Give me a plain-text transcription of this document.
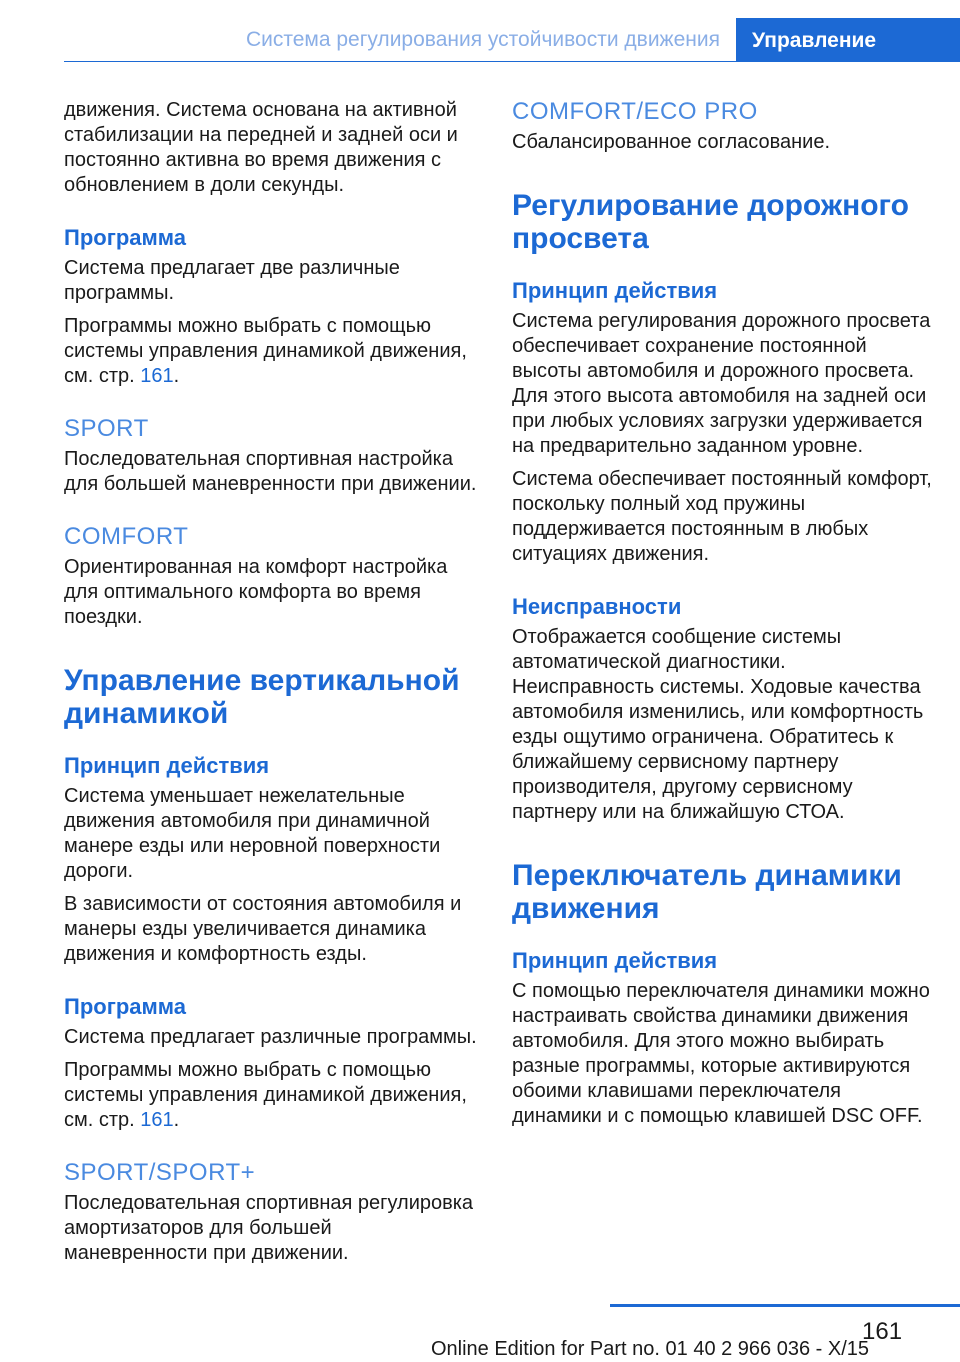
Система регулирования устойчивости движения Управление

движения. Система основана на активной стабилизации на передней и задней оси и постоянно активна во время движения с обновлением в доли секунды.

Программа

Система предлагает две различные программы.

Программы можно выбрать с помощью системы управления динамикой движения, см. стр. 161.

SPORT

Последовательная спортивная настройка для большей маневренности при движении.

COMFORT

Ориентированная на комфорт настройка для оптимального комфорта во время поездки.

Управление вертикальной динамикой
Принцип действия

Система уменьшает нежелательные движения автомобиля при динамичной манере езды или неровной поверхности дороги.

В зависимости от состояния автомобиля и манеры езды увеличивается динамика движения и комфортность езды.

Программа

Система предлагает различные программы.

Программы можно выбрать с помощью системы управления динамикой движения, см. стр. 161.

SPORT/SPORT+

Последовательная спортивная регулировка амортизаторов для большей маневренности при движении.

COMFORT/ECO PRO

Сбалансированное согласование.

Регулирование дорожного просвета
Принцип действия

Система регулирования дорожного просвета обеспечивает сохранение постоянной высоты автомобиля и дорожного просвета. Для этого высота автомобиля на задней оси при любых условиях загрузки удерживается на предварительно заданном уровне.

Система обеспечивает постоянный комфорт, поскольку полный ход пружины поддерживается постоянным в любых ситуациях движения.

Неисправности

Отображается сообщение системы автоматической диагностики. Неисправность системы. Ходовые качества автомобиля изменились, или комфортность езды ощутимо ограничена. Обратитесь к ближайшему сервисному партнеру производителя, другому сервисному партнеру или на ближайшую СТОА.

Переключатель динамики движения
Принцип действия

С помощью переключателя динамики можно настраивать свойства динамики движения автомобиля. Для этого можно выбирать разные программы, которые активируются обоими клавишами переключателя динамики и с помощью клавишей DSC OFF.

161
Online Edition for Part no. 01 40 2 966 036 - X/15
